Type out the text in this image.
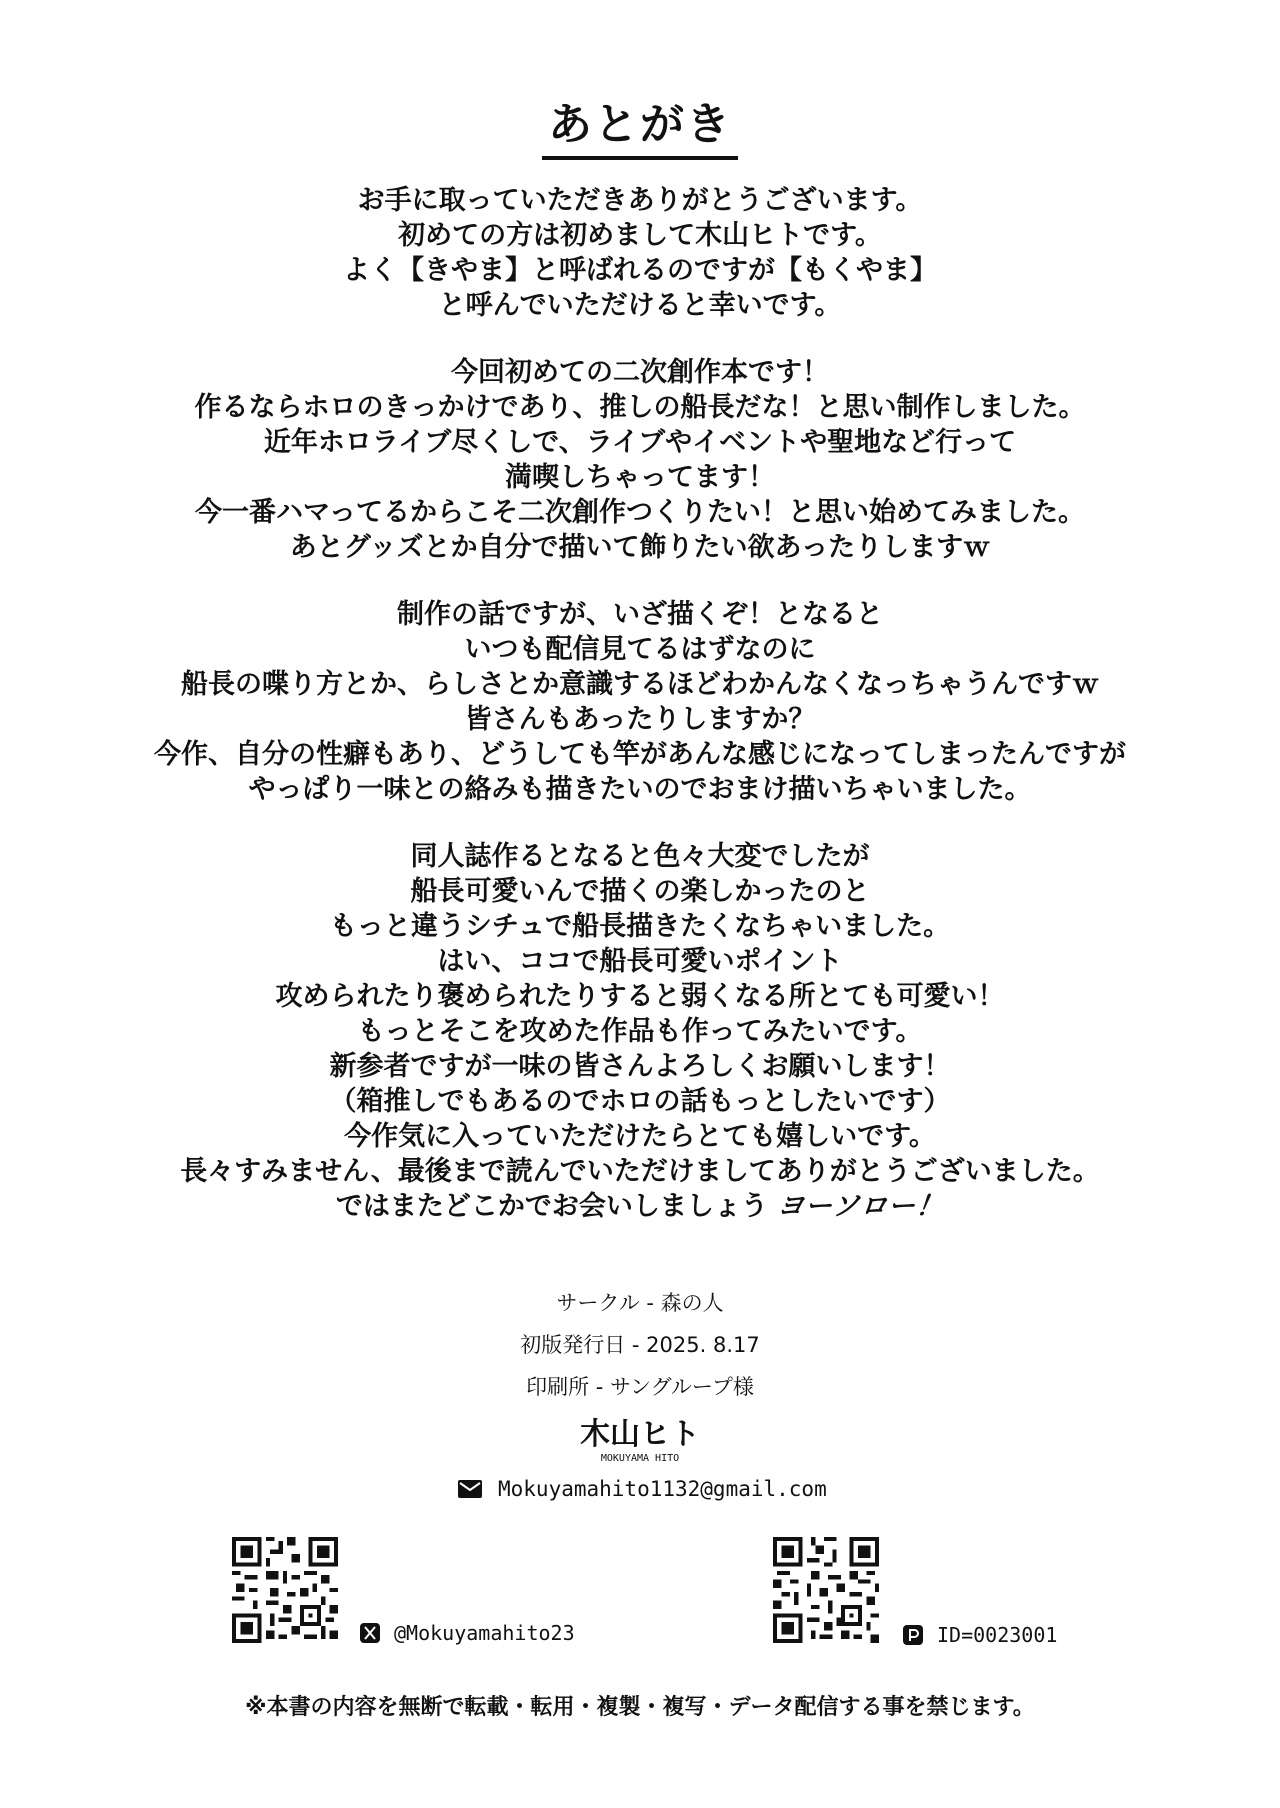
あとがき
お手に取っていただきありがとうございます。
初めての方は初めまして木山ヒトです。
よく【きやま】と呼ばれるのですが【もくやま】
と呼んでいただけると幸いです。
今回初めての二次創作本です！
作るならホロのきっかけであり、推しの船長だな！と思い制作しました。
近年ホロライブ尽くしで、ライブやイベントや聖地など行って
満喫しちゃってます！
今一番ハマってるからこそ二次創作つくりたい！と思い始めてみました。
あとグッズとか自分で描いて飾りたい欲あったりしますｗ
制作の話ですが、いざ描くぞ！となると
いつも配信見てるはずなのに
船長の喋り方とか、らしさとか意識するほどわかんなくなっちゃうんですｗ
皆さんもあったりしますか？
今作、自分の性癖もあり、どうしても竿があんな感じになってしまったんですが
やっぱり一味との絡みも描きたいのでおまけ描いちゃいました。
同人誌作るとなると色々大変でしたが
船長可愛いんで描くの楽しかったのと
もっと違うシチュで船長描きたくなちゃいました。
はい、ココで船長可愛いポイント
攻められたり褒められたりすると弱くなる所とても可愛い！
もっとそこを攻めた作品も作ってみたいです。
新参者ですが一味の皆さんよろしくお願いします！
（箱推しでもあるのでホロの話もっとしたいです）
今作気に入っていただけたらとても嬉しいです。
長々すみません、最後まで読んでいただけましてありがとうございました。
ではまたどこかでお会いしましょう ヨーソロー！
サークル - 森の人
初版発行日 - 2025. 8.17
印刷所 - サングループ様
木山ヒト
MOKUYAMA HITO
Mokuyamahito1132@gmail.com
@Mokuyamahito23	ID=0023001
※本書の内容を無断で転載・転用・複製・複写・データ配信する事を禁じます。
